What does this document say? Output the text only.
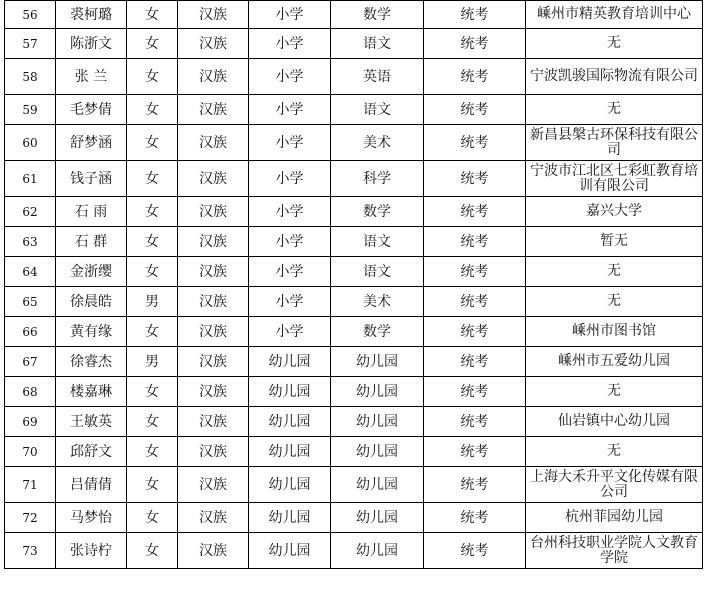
56	裘柯璐	女	汉族	小学	数学	统考	嵊州市精英教育培训中心
57	陈浙文	女	汉族	小学	语文	统考	无
58	张 兰	女	汉族	小学	英语	统考	宁波凯骏国际物流有限公司
59	毛梦倩	女	汉族	小学	语文	统考	无
60	舒梦涵	女	汉族	小学	美术	统考	新昌县槃古环保科技有限公司
61	钱子涵	女	汉族	小学	科学	统考	宁波市江北区七彩虹教育培训有限公司
62	石 雨	女	汉族	小学	数学	统考	嘉兴大学
63	石 群	女	汉族	小学	语文	统考	暂无
64	金浙缨	女	汉族	小学	语文	统考	无
65	徐晨皓	男	汉族	小学	美术	统考	无
66	黄有缘	女	汉族	小学	数学	统考	嵊州市图书馆
67	徐睿杰	男	汉族	幼儿园	幼儿园	统考	嵊州市五爱幼儿园
68	楼嘉琳	女	汉族	幼儿园	幼儿园	统考	无
69	王敏英	女	汉族	幼儿园	幼儿园	统考	仙岩镇中心幼儿园
70	邱舒文	女	汉族	幼儿园	幼儿园	统考	无
71	吕倩倩	女	汉族	幼儿园	幼儿园	统考	上海大禾升平文化传媒有限公司
72	马梦怡	女	汉族	幼儿园	幼儿园	统考	杭州菲园幼儿园
73	张诗柠	女	汉族	幼儿园	幼儿园	统考	台州科技职业学院人文教育学院
